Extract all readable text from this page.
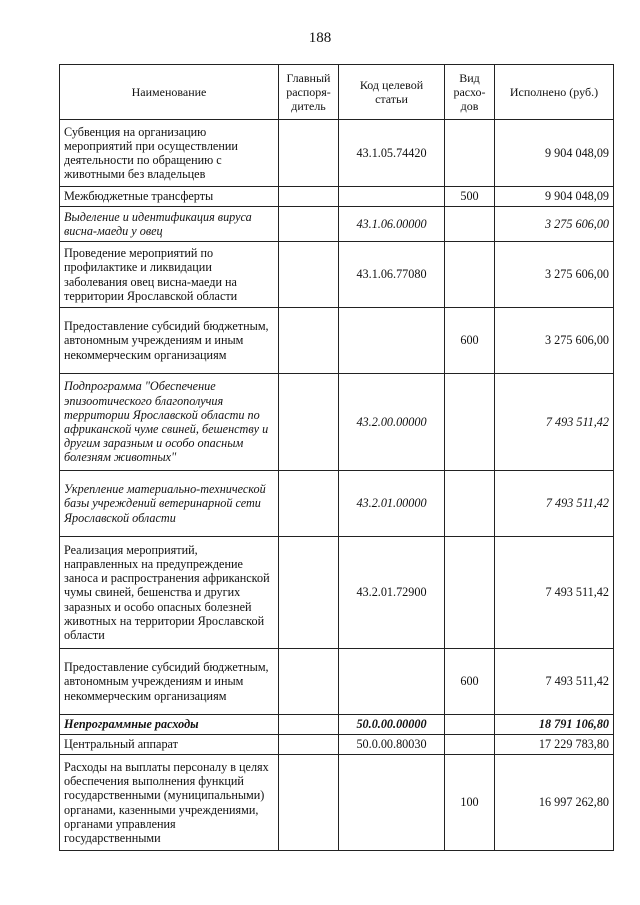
188
Наименование	Главный распоря-дитель	Код целевой статьи	Вид расхо-дов	Исполнено (руб.)
Субвенция на организацию мероприятий при осуществлении деятельности по обращению с животными без владельцев		43.1.05.74420		9 904 048,09
Межбюджетные трансферты			500	9 904 048,09
Выделение и идентификация вируса висна-маеди у овец		43.1.06.00000		3 275 606,00
Проведение мероприятий по профилактике и ликвидации заболевания овец висна-маеди на территории Ярославской области		43.1.06.77080		3 275 606,00
Предоставление субсидий бюджетным, автономным учреждениям и иным некоммерческим организациям			600	3 275 606,00
Подпрограмма "Обеспечение эпизоотического благополучия территории Ярославской области по африканской чуме свиней, бешенству и другим заразным и особо опасным болезням животных"		43.2.00.00000		7 493 511,42
Укрепление материально-технической базы учреждений ветеринарной сети Ярославской области		43.2.01.00000		7 493 511,42
Реализация мероприятий, направленных на предупреждение заноса и распространения африканской чумы свиней, бешенства и других заразных и особо опасных болезней животных на территории Ярославской области		43.2.01.72900		7 493 511,42
Предоставление субсидий бюджетным, автономным учреждениям и иным некоммерческим организациям			600	7 493 511,42
Непрограммные расходы		50.0.00.00000		18 791 106,80
Центральный аппарат		50.0.00.80030		17 229 783,80
Расходы на выплаты персоналу в целях обеспечения выполнения функций государственными (муниципальными) органами, казенными учреждениями, органами управления государственными			100	16 997 262,80
